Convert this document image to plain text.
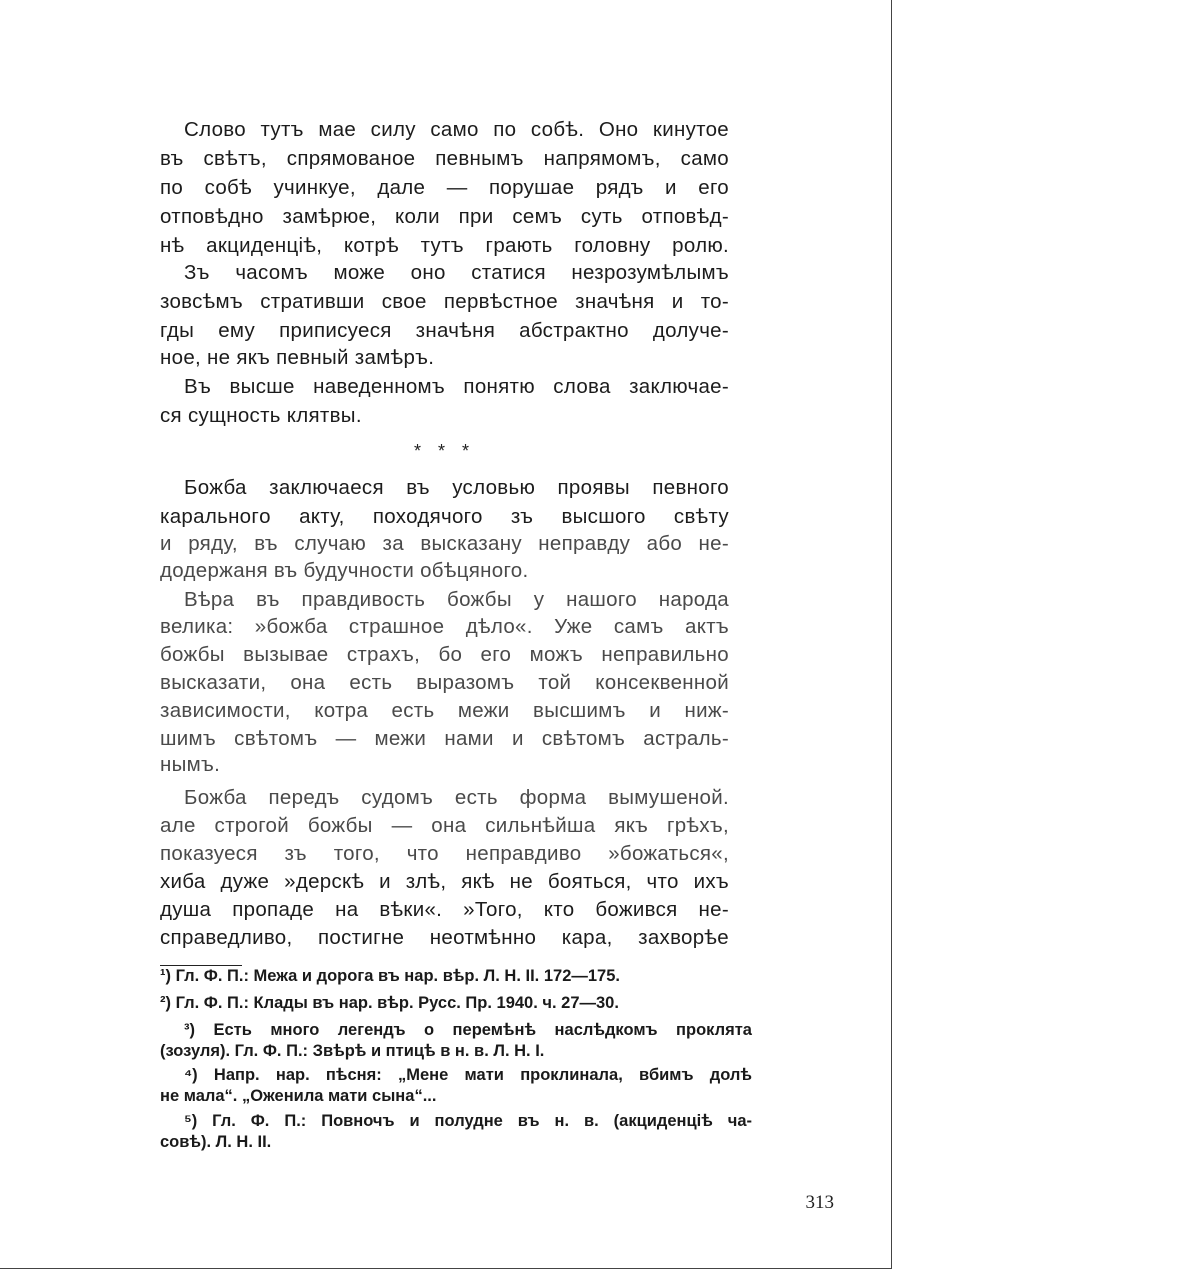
Слово тутъ мае силу само по собѣ. Оно кинутое
въ свѣтъ, спрямованое певнымъ напрямомъ, само
по собѣ учинкуе, дале — порушае рядъ и его
отповѣдно замѣрюе, коли при семъ суть отповѣд-
нѣ акциденцiѣ, котрѣ тутъ грають головну ролю.
Зъ часомъ може оно статися незрозумѣлымъ
зовсѣмъ стративши свое первѣстное значѣня и то-
гды ему приписуеся значѣня абстрактно долуче-
ное, не якъ певный замѣръ.
Въ высше наведенномъ понятю слова заключае-
ся сущность клятвы.
* * *
Божба заключаеся въ условью проявы певного
каральногo акту, походячого зъ высшого свѣту
и ряду, въ случаю за высказану неправду або не-
додержаня въ будучности обѣцяного.
Вѣра въ правдивость божбы у нашого народа
велика: »божба страшное дѣло«. Уже самъ актъ
божбы вызывае страхъ, бо его можъ неправильно
высказати, она есть выразомъ той консеквенной
зависимости, котра есть межи высшимъ и ниж-
шимъ свѣтомъ — межи нами и свѣтомъ астраль-
нымъ.
Божба передъ судомъ есть форма вымушеной.
але строгой божбы — она сильнѣйша якъ грѣхъ,
показуеся зъ того, что неправдиво »божаться«,
хиба дуже »дерскѣ и злѣ, якѣ не бояться, что ихъ
душа пропаде на вѣки«. »Того, кто божився не-
справедливо, постигне неотмѣнно кара, захворѣе
¹) Гл. Ф. П.: Межа и дорога въ нар. вѣр. Л. Н. II. 172—175.
²) Гл. Ф. П.: Клады въ нар. вѣр. Русс. Пр. 1940. ч. 27—30.
³) Есть много легендъ о перемѣнѣ наслѣдкомъ проклята
(зозуля). Гл. Ф. П.: Звѣрѣ и птицѣ в н. в. Л. Н. I.
⁴) Напр. нар. пѣсня: „Мене мати проклинала, вбимъ долѣ
не мала“. „Оженила мати сына“...
⁵) Гл. Ф. П.: Повночъ и полудне въ н. в. (акциденцiѣ ча-
совѣ). Л. Н. II.
313
